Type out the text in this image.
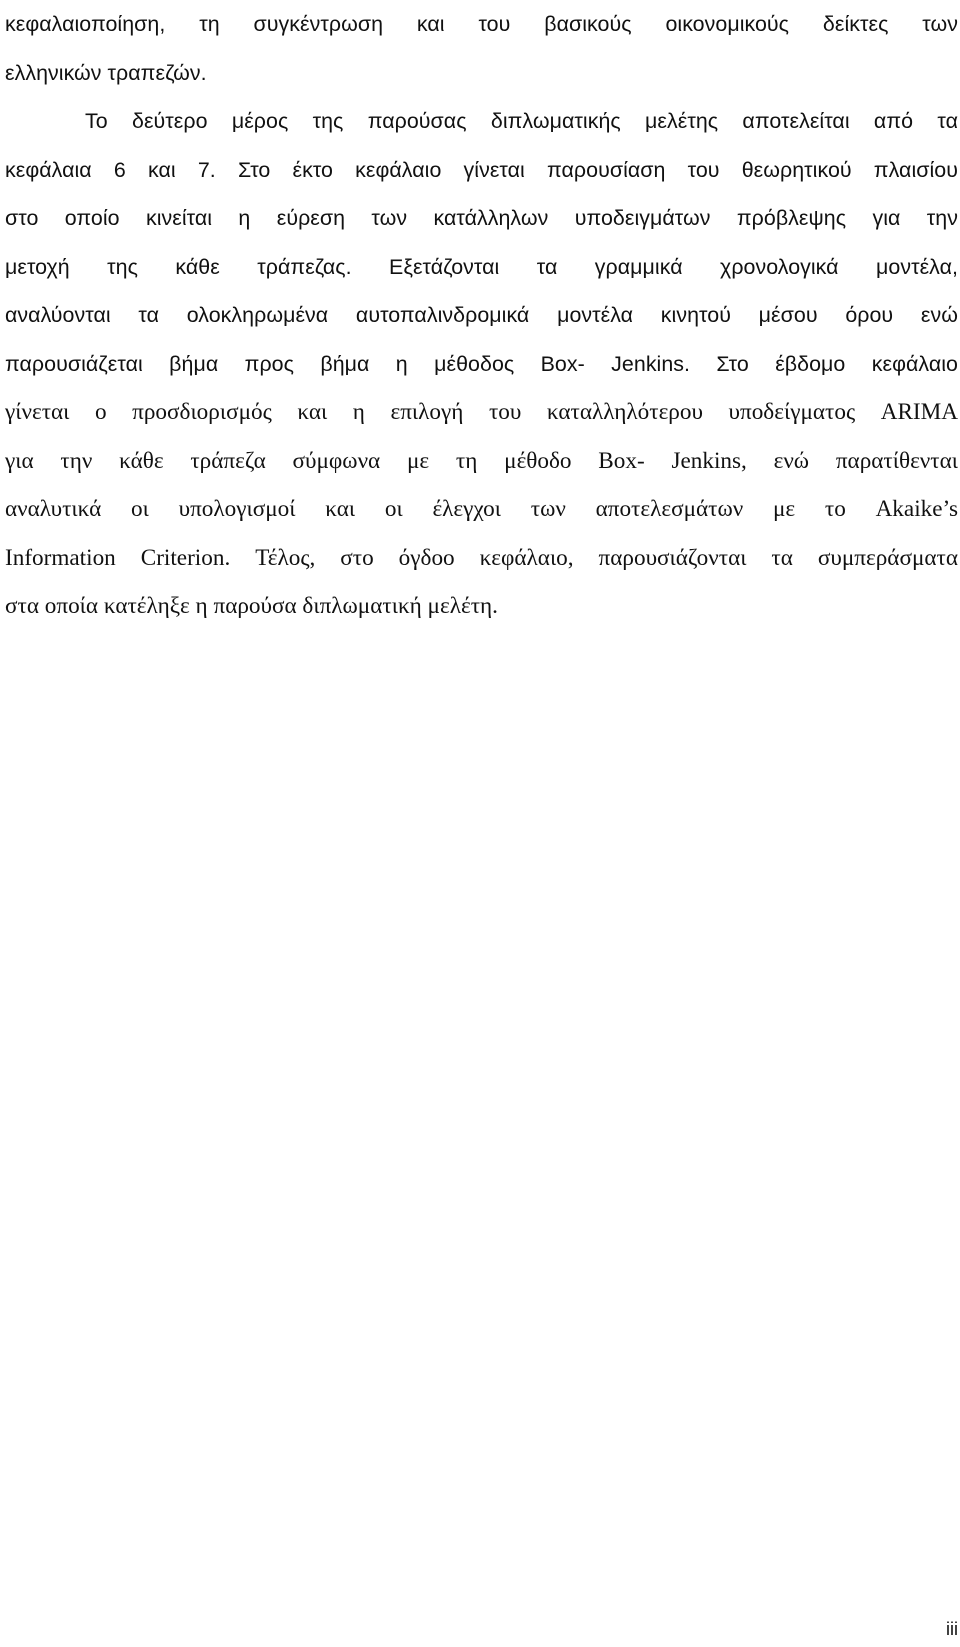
κεφαλαιοποίηση, τη συγκέντρωση και του βασικούς οικονομικούς δείκτες των
ελληνικών τραπεζών.
Το δεύτερο μέρος της παρούσας διπλωματικής μελέτης αποτελείται από τα
κεφάλαια 6 και 7. Στο έκτο κεφάλαιο γίνεται παρουσίαση του θεωρητικού πλαισίου
στο οποίο κινείται η εύρεση των κατάλληλων υποδειγμάτων πρόβλεψης για την
μετοχή της κάθε τράπεζας. Εξετάζονται τα γραμμικά χρονολογικά μοντέλα,
αναλύονται τα ολοκληρωμένα αυτοπαλινδρομικά μοντέλα κινητού μέσου όρου ενώ
παρουσιάζεται βήμα προς βήμα η μέθοδος Box- Jenkins. Στο έβδομο κεφάλαιο
γίνεται ο προσδιορισμός και η επιλογή του καταλληλότερου υποδείγματος ARIMA
για την κάθε τράπεζα σύμφωνα με τη μέθοδο Box- Jenkins, ενώ παρατίθενται
αναλυτικά οι υπολογισμοί και οι έλεγχοι των αποτελεσμάτων με το Akaike’s
Information Criterion. Τέλος, στο όγδοο κεφάλαιο, παρουσιάζονται τα συμπεράσματα
στα οποία κατέληξε η παρούσα διπλωματική μελέτη.
iii
